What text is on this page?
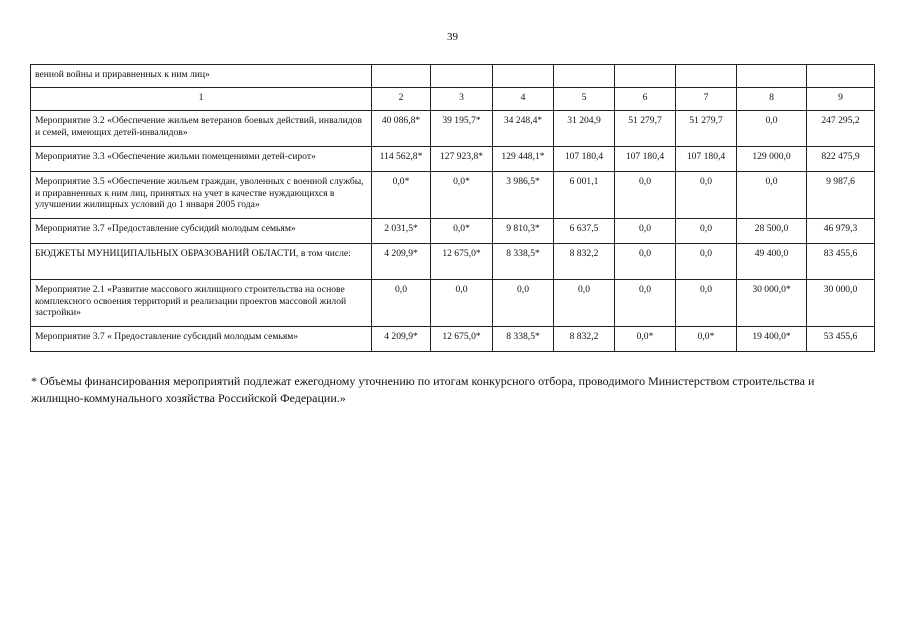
39
венной войны и приравненных к ним лиц»								
1	2	3	4	5	6	7	8	9
Мероприятие 3.2 «Обеспечение жильем ветеранов боевых действий, инвалидов и семей, имеющих детей-инвалидов»	40 086,8*	39 195,7*	34 248,4*	31 204,9	51 279,7	51 279,7	0,0	247 295,2
Мероприятие 3.3 «Обеспечение жильми помещениями детей-сирот»	114 562,8*	127 923,8*	129 448,1*	107 180,4	107 180,4	107 180,4	129 000,0	822 475,9
Мероприятие 3.5 «Обеспечение жильем граждан, уволенных с военной службы, и приравненных к ним лиц, принятых на учет в качестве нуждающихся в улучшении жилищных условий до 1 января 2005 года»	0,0*	0,0*	3 986,5*	6 001,1	0,0	0,0	0,0	9 987,6
Мероприятие 3.7 «Предоставление субсидий молодым семьям»	2 031,5*	0,0*	9 810,3*	6 637,5	0,0	0,0	28 500,0	46 979,3
БЮДЖЕТЫ МУНИЦИПАЛЬНЫХ ОБРАЗОВАНИЙ ОБЛАСТИ, в том числе:	4 209,9*	12 675,0*	8 338,5*	8 832,2	0,0	0,0	49 400,0	83 455,6
Мероприятие 2.1 «Развитие массового жилищного строительства на основе комплексного освоения территорий и реализации проектов массовой жилой застройки»	0,0	0,0	0,0	0,0	0,0	0,0	30 000,0*	30 000,0
Мероприятие 3.7 « Предоставление субсидий молодым семьям»	4 209,9*	12 675,0*	8 338,5*	8 832,2	0,0*	0,0*	19 400,0*	53 455,6
* Объемы финансирования мероприятий подлежат ежегодному уточнению по итогам конкурсного отбора, проводимого Министерством строительства и жилищно-коммунального хозяйства Российской Федерации.»
